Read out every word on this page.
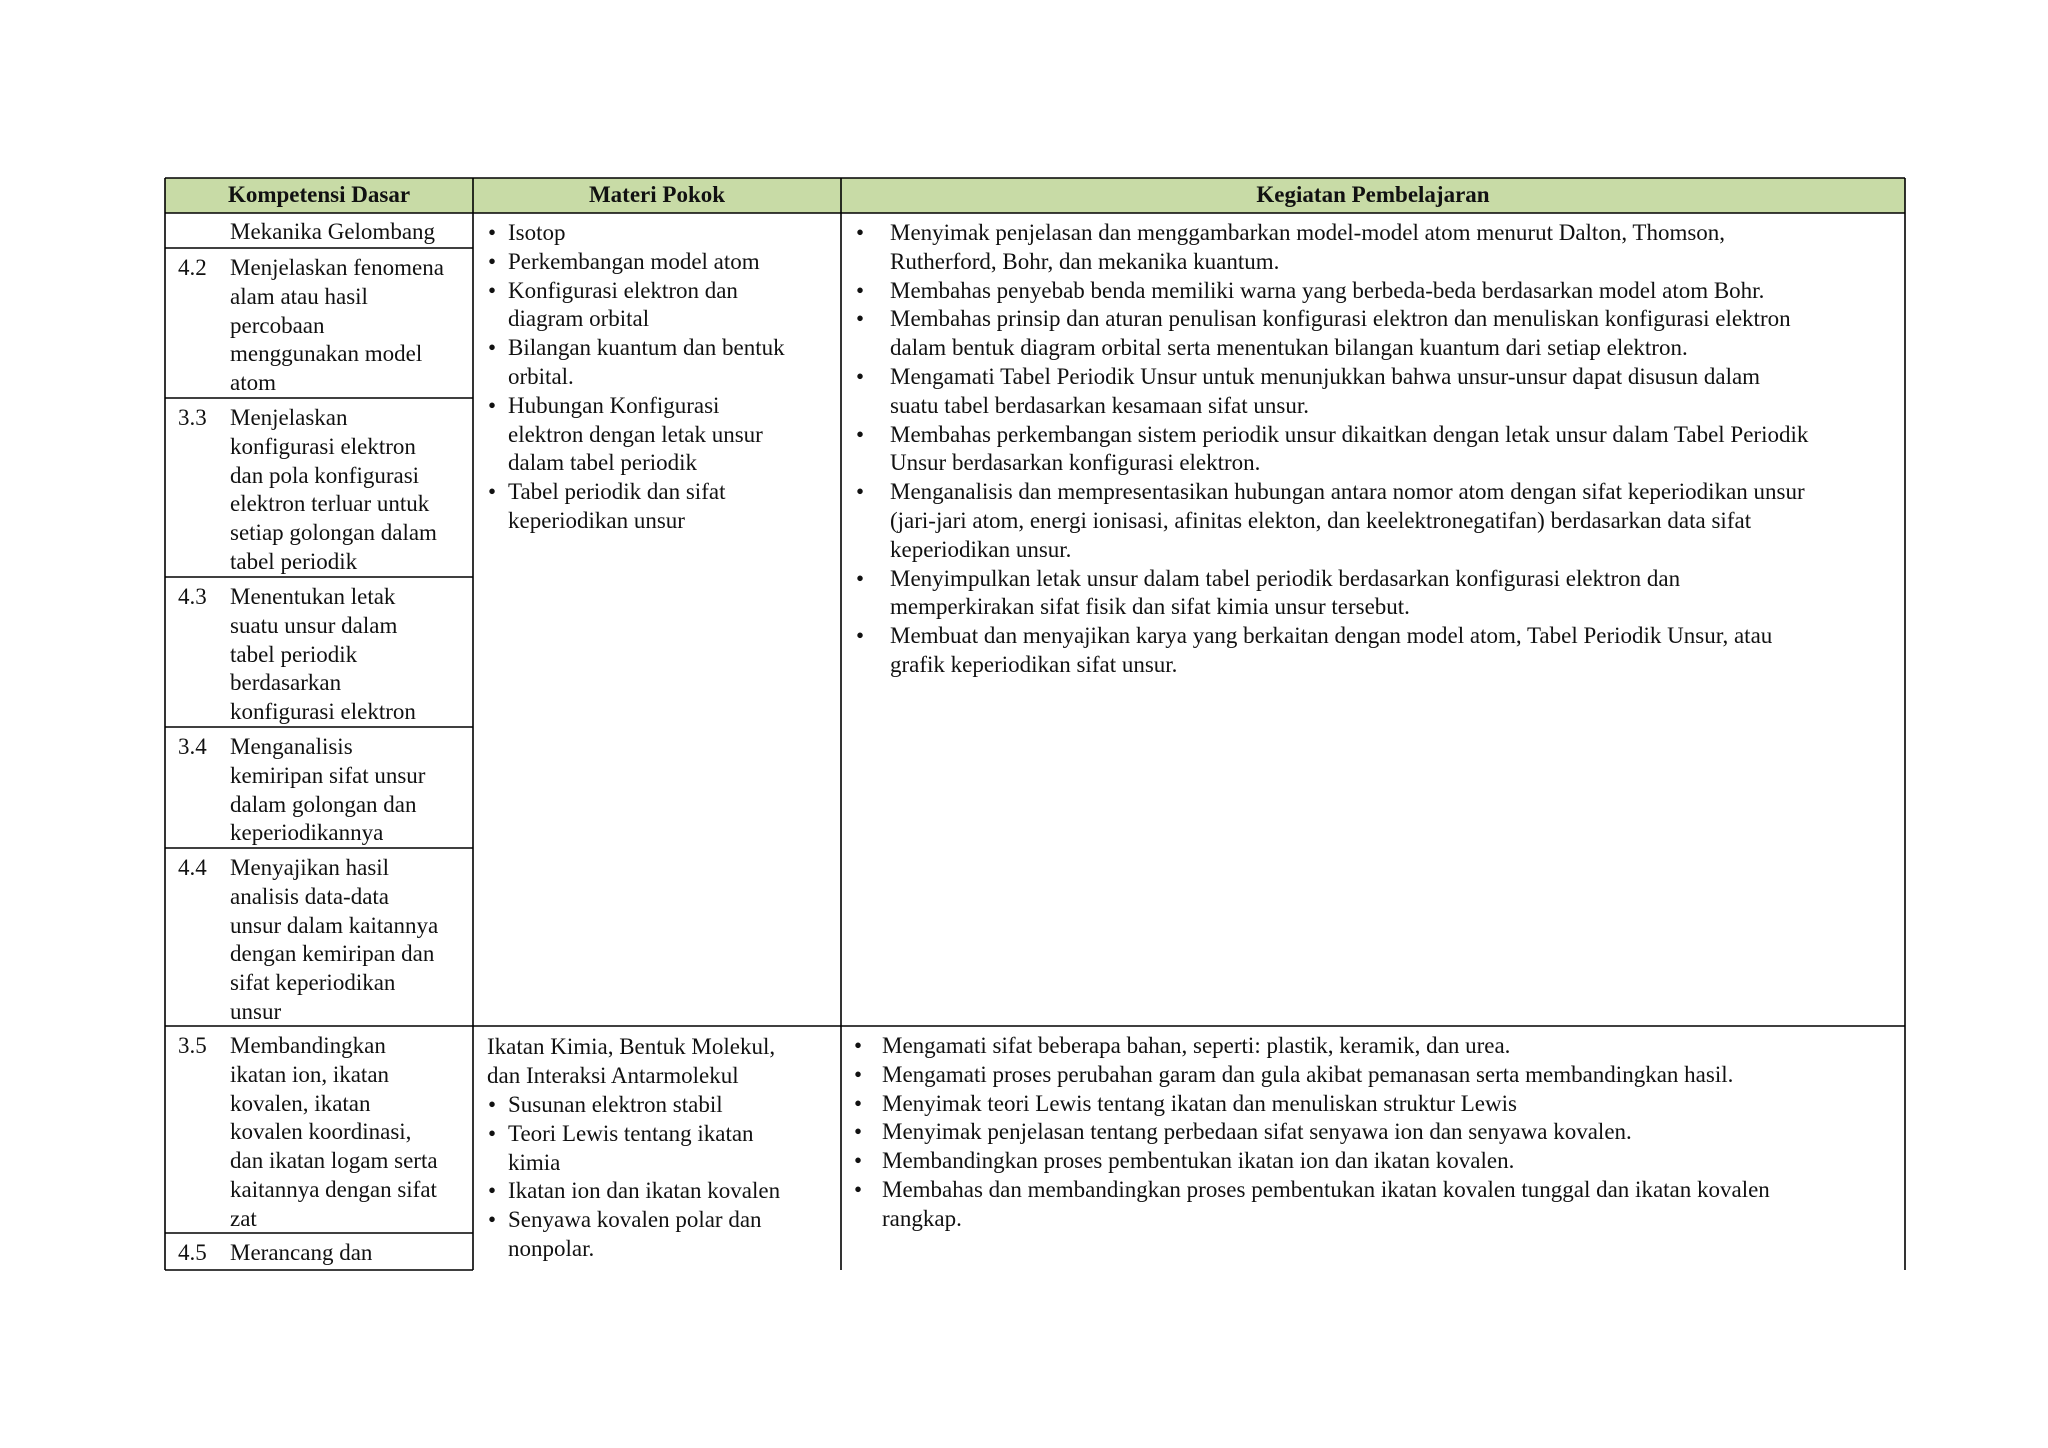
Kompetensi Dasar	Materi Pokok	Kegiatan Pembelajaran
Mekanika Gelombang
4.2 Menjelaskan fenomena
alam atau hasil
percobaan
menggunakan model
atom
3.3 Menjelaskan
konfigurasi elektron
dan pola konfigurasi
elektron terluar untuk
setiap golongan dalam
tabel periodik
4.3 Menentukan letak
suatu unsur dalam
tabel periodik
berdasarkan
konfigurasi elektron
3.4 Menganalisis
kemiripan sifat unsur
dalam golongan dan
keperiodikannya
4.4 Menyajikan hasil
analisis data-data
unsur dalam kaitannya
dengan kemiripan dan
sifat keperiodikan
unsur
3.5 Membandingkan
ikatan ion, ikatan
kovalen, ikatan
kovalen koordinasi,
dan ikatan logam serta
kaitannya dengan sifat
zat
4.5 Merancang dan
Ikatan Kimia, Bentuk Molekul,
dan Interaksi Antarmolekul
• Isotop
• Perkembangan model atom
• Konfigurasi elektron dan
diagram orbital
• Bilangan kuantum dan bentuk
orbital.
• Hubungan Konfigurasi
elektron dengan letak unsur
dalam tabel periodik
• Tabel periodik dan sifat
keperiodikan unsur
• Susunan elektron stabil
• Teori Lewis tentang ikatan
kimia
• Ikatan ion dan ikatan kovalen
• Senyawa kovalen polar dan
nonpolar.
• Menyimak penjelasan dan menggambarkan model-model atom menurut Dalton, Thomson,
Rutherford, Bohr, dan mekanika kuantum.
• Membahas penyebab benda memiliki warna yang berbeda-beda berdasarkan model atom Bohr.
• Membahas prinsip dan aturan penulisan konfigurasi elektron dan menuliskan konfigurasi elektron
dalam bentuk diagram orbital serta menentukan bilangan kuantum dari setiap elektron.
• Mengamati Tabel Periodik Unsur untuk menunjukkan bahwa unsur-unsur dapat disusun dalam
suatu tabel berdasarkan kesamaan sifat unsur.
• Membahas perkembangan sistem periodik unsur dikaitkan dengan letak unsur dalam Tabel Periodik
Unsur berdasarkan konfigurasi elektron.
• Menganalisis dan mempresentasikan hubungan antara nomor atom dengan sifat keperiodikan unsur
(jari-jari atom, energi ionisasi, afinitas elekton, dan keelektronegatifan) berdasarkan data sifat
keperiodikan unsur.
• Menyimpulkan letak unsur dalam tabel periodik berdasarkan konfigurasi elektron dan
memperkirakan sifat fisik dan sifat kimia unsur tersebut.
• Membuat dan menyajikan karya yang berkaitan dengan model atom, Tabel Periodik Unsur, atau
grafik keperiodikan sifat unsur.
• Mengamati sifat beberapa bahan, seperti: plastik, keramik, dan urea.
• Mengamati proses perubahan garam dan gula akibat pemanasan serta membandingkan hasil.
• Menyimak teori Lewis tentang ikatan dan menuliskan struktur Lewis
• Menyimak penjelasan tentang perbedaan sifat senyawa ion dan senyawa kovalen.
• Membandingkan proses pembentukan ikatan ion dan ikatan kovalen.
• Membahas dan membandingkan proses pembentukan ikatan kovalen tunggal dan ikatan kovalen
rangkap.
